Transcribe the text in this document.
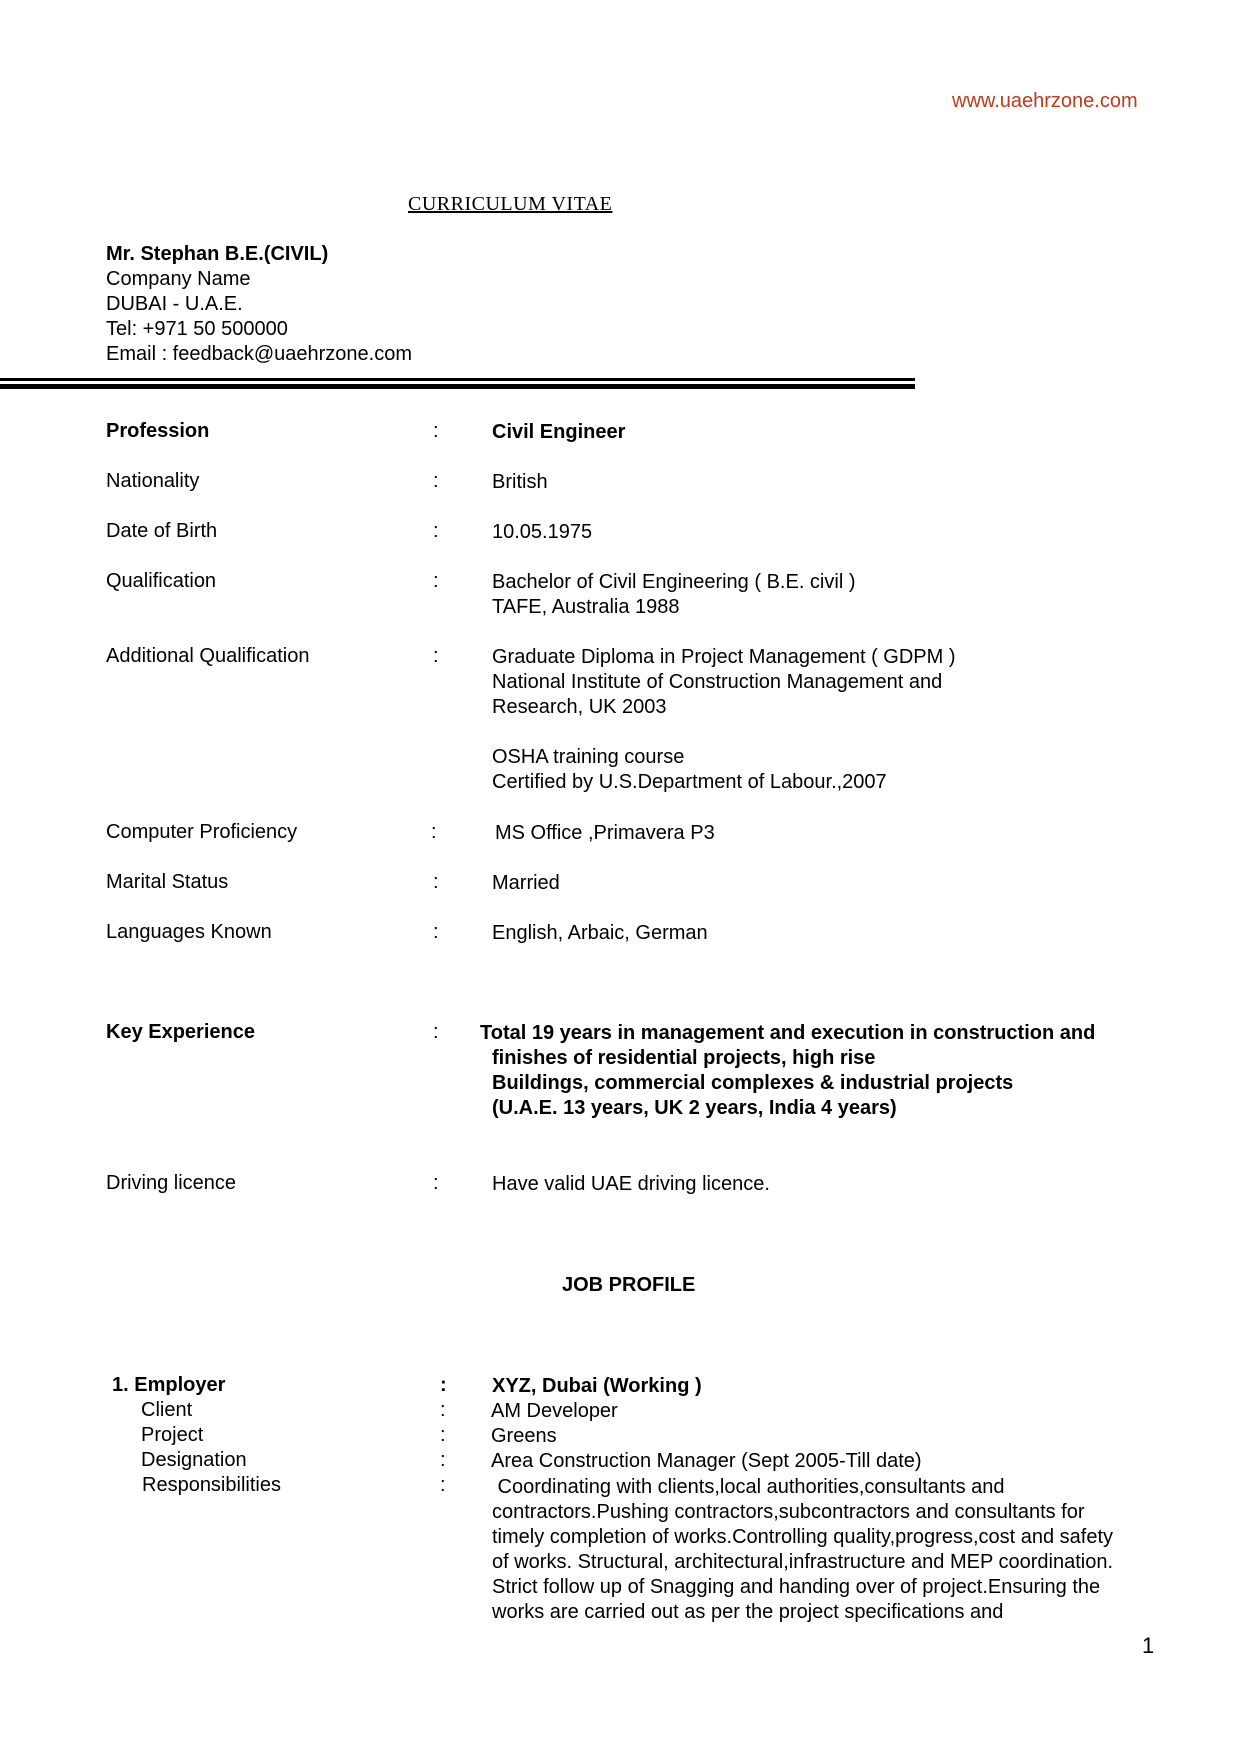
www.uaehrzone.com
CURRICULUM VITAE
Mr. Stephan B.E.(CIVIL)
Company Name
DUBAI - U.A.E.
Tel: +971 50 500000
Email : feedback@uaehrzone.com
Profession	:	Civil Engineer
Nationality	:	British
Date of Birth	:	10.05.1975
Qualification	:	Bachelor of Civil Engineering ( B.E. civil )
TAFE, Australia 1988
Additional Qualification	:	Graduate Diploma in Project Management ( GDPM )
National Institute of Construction Management and
Research, UK 2003
OSHA training course
Certified by U.S.Department of Labour.,2007
Computer Proficiency	:	MS Office ,Primavera P3
Marital Status	:	Married
Languages Known	:	English, Arbaic, German
Key Experience	: Total 19 years in management and execution in construction and
finishes of residential projects, high rise
Buildings, commercial complexes & industrial projects
(U.A.E. 13 years, UK 2 years, India 4 years)
Driving licence	:	Have valid UAE driving licence.
JOB PROFILE
1. Employer	: XYZ, Dubai (Working )
Client	: AM Developer
Project	: Greens
Designation	: Area Construction Manager (Sept 2005-Till date)
Responsibilities	: Coordinating with clients,local authorities,consultants and
contractors.Pushing contractors,subcontractors and consultants for
timely completion of works.Controlling quality,progress,cost and safety
of works. Structural, architectural,infrastructure and MEP coordination.
Strict follow up of Snagging and handing over of project.Ensuring the
works are carried out as per the project specifications and
1
